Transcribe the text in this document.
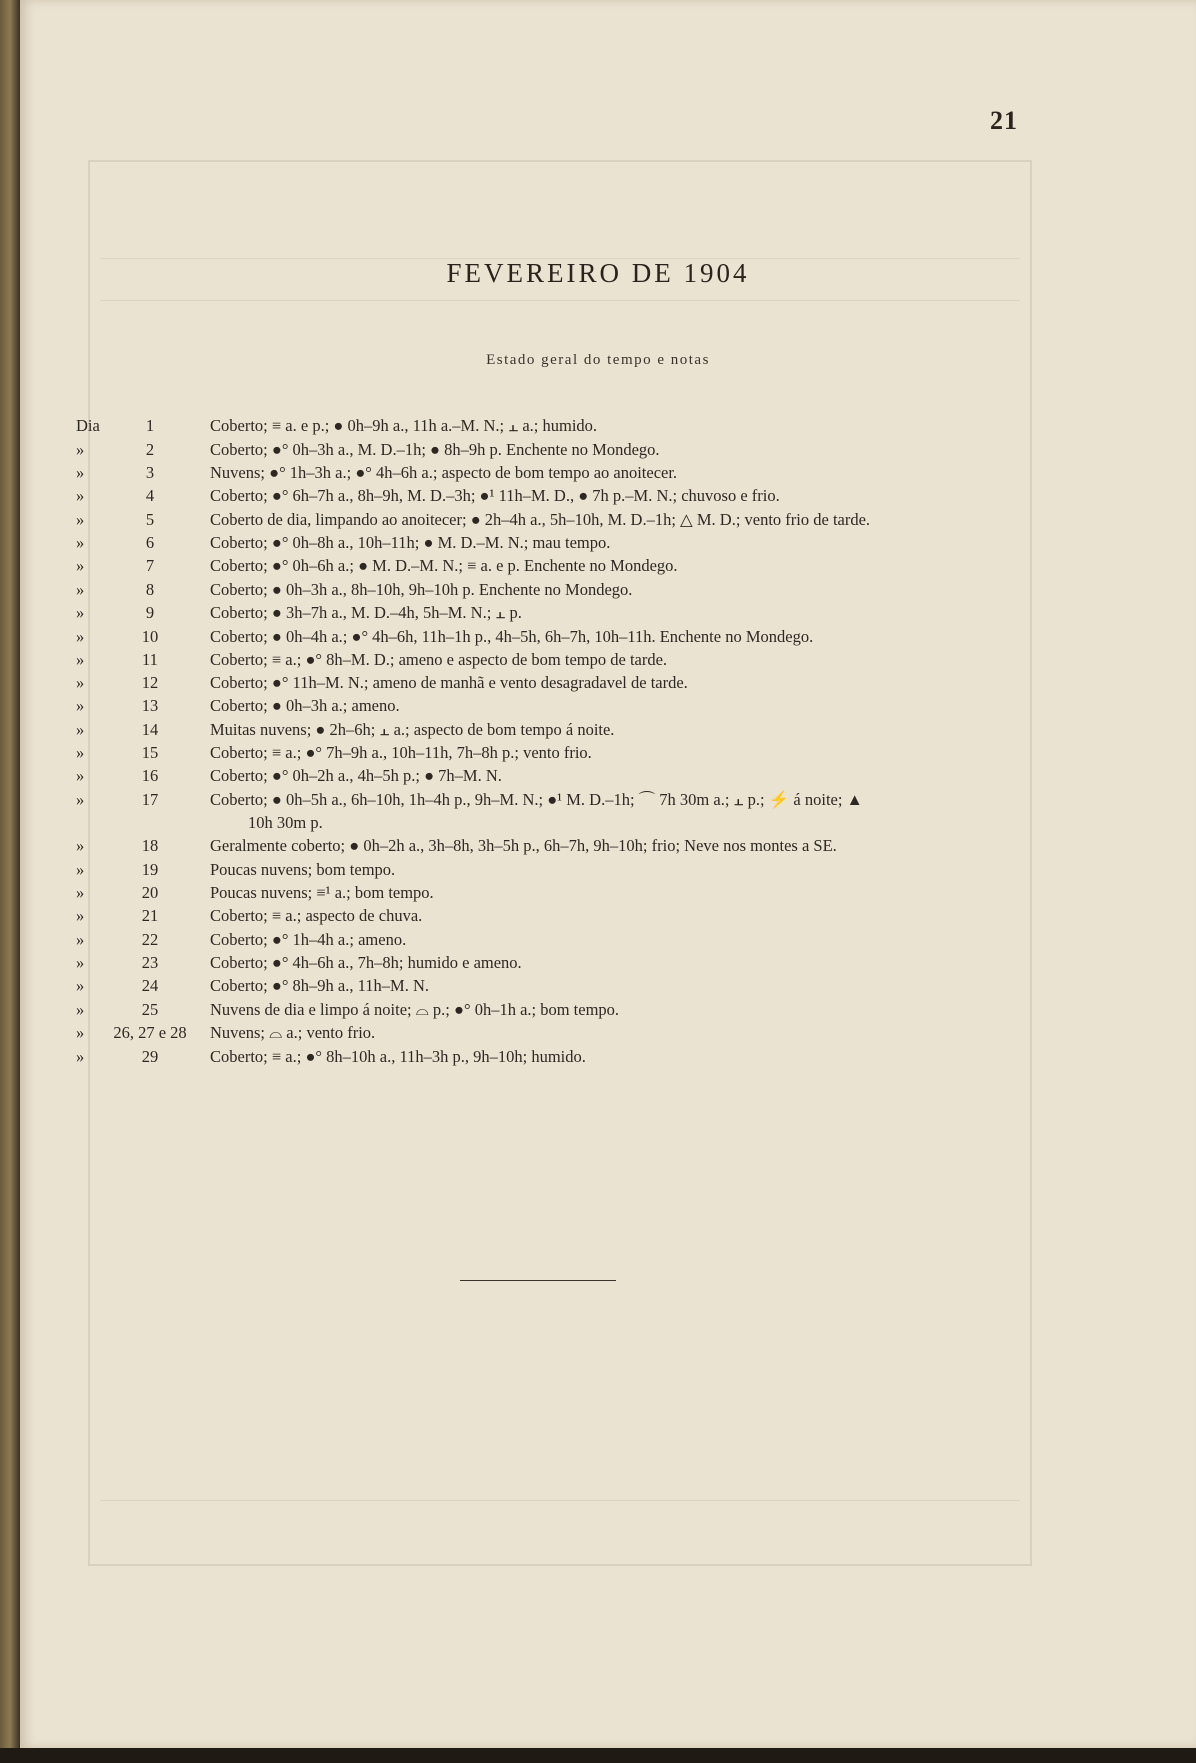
21
FEVEREIRO DE 1904
Estado geral do tempo e notas
Dia	1	Coberto; ≡ a. e p.; ● 0h–9h a., 11h a.–M. N.; ⫠ a.; humido.
»	2	Coberto; ●° 0h–3h a., M. D.–1h; ● 8h–9h p. Enchente no Mondego.
»	3	Nuvens; ●° 1h–3h a.; ●° 4h–6h a.; aspecto de bom tempo ao anoitecer.
»	4	Coberto; ●° 6h–7h a., 8h–9h, M. D.–3h; ●¹ 11h–M. D., ● 7h p.–M. N.; chuvoso e frio.
»	5	Coberto de dia, limpando ao anoitecer; ● 2h–4h a., 5h–10h, M. D.–1h; △ M. D.; vento frio de tarde.
»	6	Coberto; ●° 0h–8h a., 10h–11h; ● M. D.–M. N.; mau tempo.
»	7	Coberto; ●° 0h–6h a.; ● M. D.–M. N.; ≡ a. e p. Enchente no Mondego.
»	8	Coberto; ● 0h–3h a., 8h–10h, 9h–10h p. Enchente no Mondego.
»	9	Coberto; ● 3h–7h a., M. D.–4h, 5h–M. N.; ⫠ p.
»	10	Coberto; ● 0h–4h a.; ●° 4h–6h, 11h–1h p., 4h–5h, 6h–7h, 10h–11h. Enchente no Mondego.
»	11	Coberto; ≡ a.; ●° 8h–M. D.; ameno e aspecto de bom tempo de tarde.
»	12	Coberto; ●° 11h–M. N.; ameno de manhã e vento desagradavel de tarde.
»	13	Coberto; ● 0h–3h a.; ameno.
»	14	Muitas nuvens; ● 2h–6h; ⫠ a.; aspecto de bom tempo á noite.
»	15	Coberto; ≡ a.; ●° 7h–9h a., 10h–11h, 7h–8h p.; vento frio.
»	16	Coberto; ●° 0h–2h a., 4h–5h p.; ● 7h–M. N.
»	17	Coberto; ● 0h–5h a., 6h–10h, 1h–4h p., 9h–M. N.; ●¹ M. D.–1h; ⌒ 7h 30m a.; ⫠ p.; ⚡ á noite; ▲
10h 30m p.
»	18	Geralmente coberto; ● 0h–2h a., 3h–8h, 3h–5h p., 6h–7h, 9h–10h; frio; Neve nos montes a SE.
»	19	Poucas nuvens; bom tempo.
»	20	Poucas nuvens; ≡¹ a.; bom tempo.
»	21	Coberto; ≡ a.; aspecto de chuva.
»	22	Coberto; ●° 1h–4h a.; ameno.
»	23	Coberto; ●° 4h–6h a., 7h–8h; humido e ameno.
»	24	Coberto; ●° 8h–9h a., 11h–M. N.
»	25	Nuvens de dia e limpo á noite; ⌓ p.; ●° 0h–1h a.; bom tempo.
»	26, 27 e 28	Nuvens; ⌓ a.; vento frio.
»	29	Coberto; ≡ a.; ●° 8h–10h a., 11h–3h p., 9h–10h; humido.
